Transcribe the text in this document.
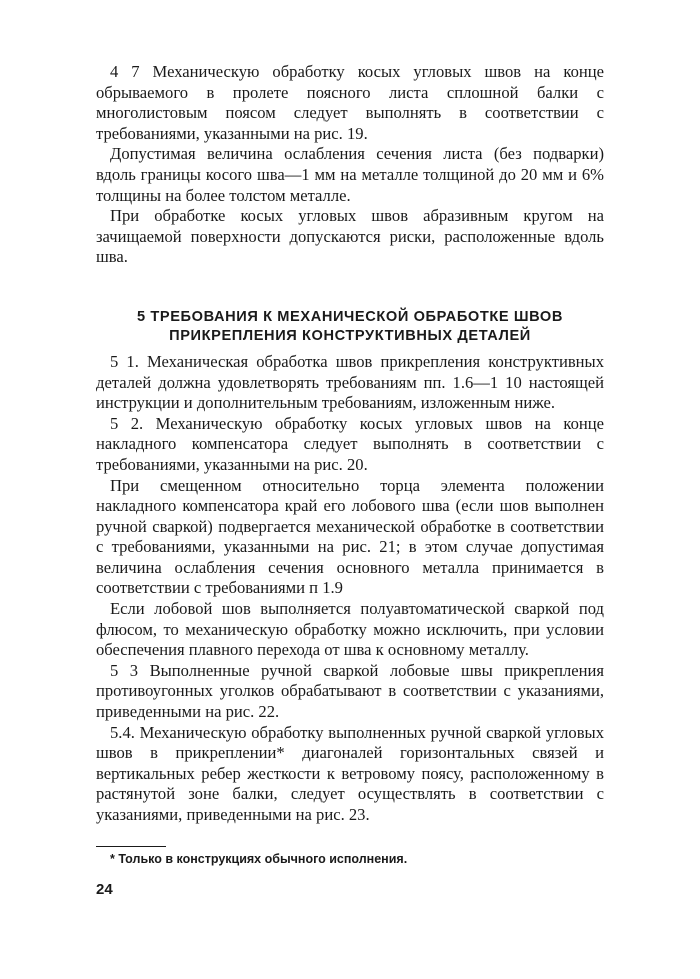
4 7 Механическую обработку косых угловых швов на конце обрываемого в пролете поясного листа сплошной балки с многолистовым поясом следует выполнять в соответствии с требованиями, указанными на рис. 19.

Допустимая величина ослабления сечения листа (без подварки) вдоль границы косого шва—1 мм на металле толщиной до 20 мм и 6% толщины на более толстом металле.

При обработке косых угловых швов абразивным кругом на зачищаемой поверхности допускаются риски, расположенные вдоль шва.

5 ТРЕБОВАНИЯ К МЕХАНИЧЕСКОЙ ОБРАБОТКЕ ШВОВ
ПРИКРЕПЛЕНИЯ КОНСТРУКТИВНЫХ ДЕТАЛЕЙ

5 1. Механическая обработка швов прикрепления конструктивных деталей должна удовлетворять требованиям пп. 1.6—1 10 настоящей инструкции и дополнительным требованиям, изложенным ниже.

5 2. Механическую обработку косых угловых швов на конце накладного компенсатора следует выполнять в соответствии с требованиями, указанными на рис. 20.

При смещенном относительно торца элемента положении накладного компенсатора край его лобового шва (если шов выполнен ручной сваркой) подвергается механической обработке в соответствии с требованиями, указанными на рис. 21; в этом случае допустимая величина ослабления сечения основного металла принимается в соответствии с требованиями п 1.9

Если лобовой шов выполняется полуавтоматической сваркой под флюсом, то механическую обработку можно исключить, при условии обеспечения плавного перехода от шва к основному металлу.

5 3 Выполненные ручной сваркой лобовые швы прикрепления противоугонных уголков обрабатывают в соответствии с указаниями, приведенными на рис. 22.

5.4. Механическую обработку выполненных ручной сваркой угловых швов в прикреплении* диагоналей горизонтальных связей и вертикальных ребер жесткости к ветровому поясу, расположенному в растянутой зоне балки, следует осуществлять в соответствии с указаниями, приведенными на рис. 23.

* Только в конструкциях обычного исполнения.
24
